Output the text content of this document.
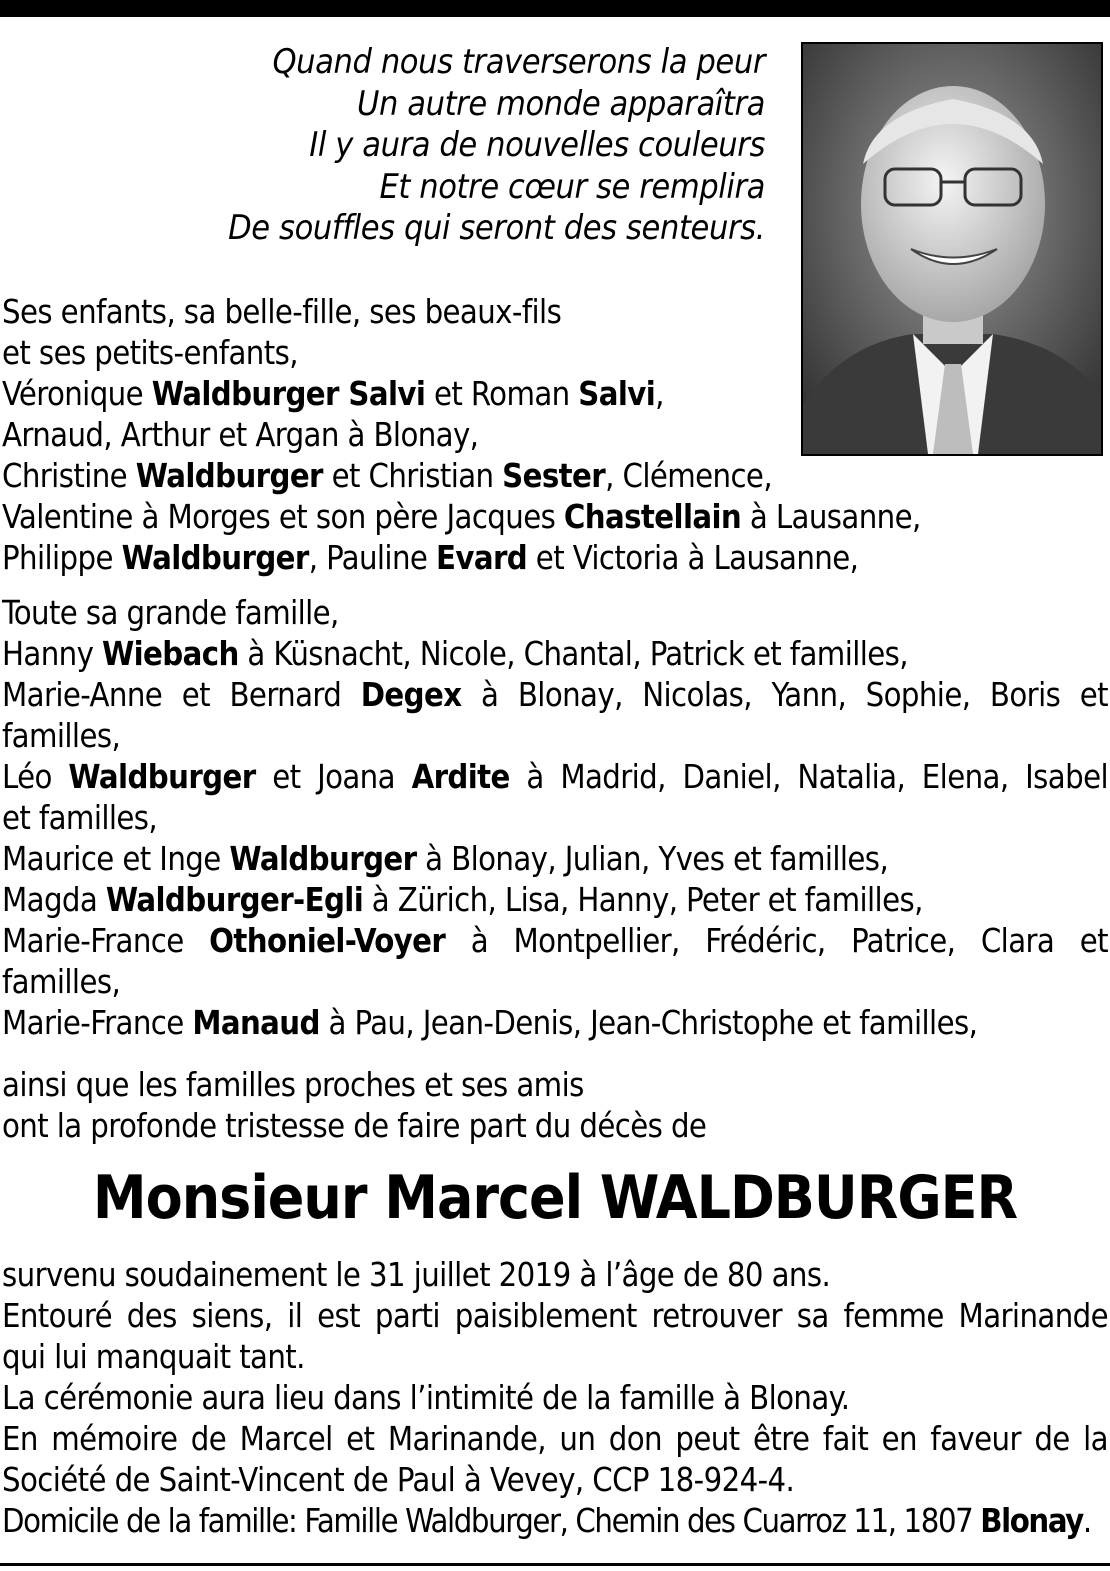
Quand nous traverserons la peur
Un autre monde apparaîtra
Il y aura de nouvelles couleurs
Et notre cœur se remplira
De souffles qui seront des senteurs.
Ses enfants, sa belle-fille, ses beaux-fils
et ses petits-enfants,
Véronique Waldburger Salvi et Roman Salvi,
Arnaud, Arthur et Argan à Blonay,
Christine Waldburger et Christian Sester, Clémence,
Valentine à Morges et son père Jacques Chastellain à Lausanne,
Philippe Waldburger, Pauline Evard et Victoria à Lausanne,
Toute sa grande famille,
Hanny Wiebach à Küsnacht, Nicole, Chantal, Patrick et familles,
Marie-Anne et Bernard Degex à Blonay, Nicolas, Yann, Sophie, Boris et
familles,
Léo Waldburger et Joana Ardite à Madrid, Daniel, Natalia, Elena, Isabel
et familles,
Maurice et Inge Waldburger à Blonay, Julian, Yves et familles,
Magda Waldburger-Egli à Zürich, Lisa, Hanny, Peter et familles,
Marie-France Othoniel-Voyer à Montpellier, Frédéric, Patrice, Clara et
familles,
Marie-France Manaud à Pau, Jean-Denis, Jean-Christophe et familles,
ainsi que les familles proches et ses amis
ont la profonde tristesse de faire part du décès de
Monsieur Marcel WALDBURGER
survenu soudainement le 31 juillet 2019 à l’âge de 80 ans.
Entouré des siens, il est parti paisiblement retrouver sa femme Marinande
qui lui manquait tant.
La cérémonie aura lieu dans l’intimité de la famille à Blonay.
En mémoire de Marcel et Marinande, un don peut être fait en faveur de la
Société de Saint-Vincent de Paul à Vevey, CCP 18-924-4.
Domicile de la famille: Famille Waldburger, Chemin des Cuarroz 11, 1807 Blonay.
